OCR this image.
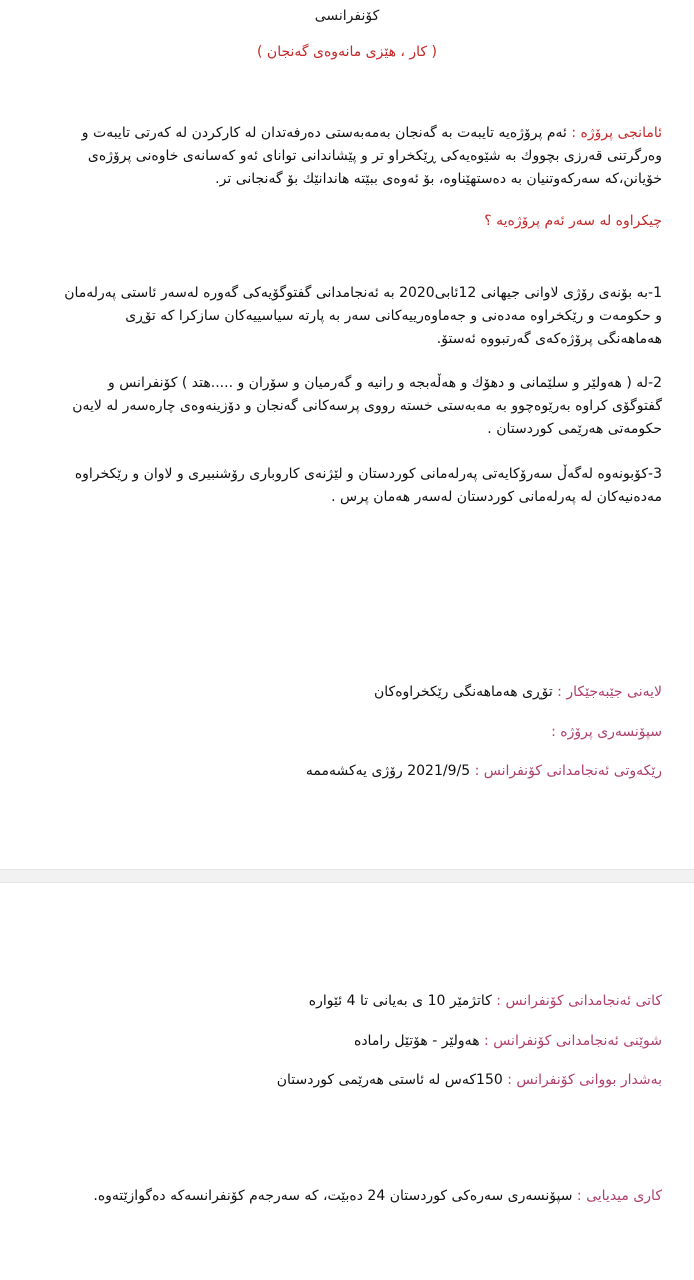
کۆنفرانسی
( کار ، هێزی مانەوەی گەنجان )
ئامانجی پرۆژە : ئەم پرۆژەیە تایبەت بە گەنجان بەمەبەستی دەرفەتدان لە کارکردن لە کەرتی تایبەت و وەرگرتنی قەرزی بچووك بە شێوەیەکی ڕێکخراو تر و پێشاندانی توانای ئەو کەسانەی خاوەنی پرۆژەی خۆیانن،کە سەرکەوتنیان بە دەستهێناوە، بۆ ئەوەی ببێتە هاندانێك بۆ گەنجانی تر.
چیکراوە لە سەر ئەم پرۆژەیە ؟
1-بە بۆنەی رۆژی لاوانی جیهانی 12ئابی2020 بە ئەنجامدانی گفتوگۆیەکی گەورە لەسەر ئاستی پەرلەمان و حکومەت و رێکخراوە مەدەنی و جەماوەرییەکانی سەر بە پارتە سیاسییەکان سازکرا کە تۆڕی هەماهەنگی پرۆژەکەی گەرتبووە ئەستۆ.
2-لە ( هەولێر و سلێمانی و دهۆك و هەڵەبجە و رانیە و گەرمیان و سۆران و .....هتد ) کۆنفرانس و گفتوگۆی کراوە بەرێوەچوو بە مەبەستی خستە رووی پرسەکانی گەنجان و دۆزینەوەی چارەسەر لە لایەن حکومەتی هەرێمی کوردستان .
3-کۆبونەوە لەگەڵ سەرۆکایەتی پەرلەمانی کوردستان و لێژنەی کاروباری رۆشنبیری و لاوان و رێکخراوە مەدەنیەکان لە پەرلەمانی کوردستان لەسەر هەمان پرس .
لایەنی جێبەجێکار : تۆڕی هەماهەنگی رێکخراوەکان
سپۆنسەری پرۆژە :
رێکەوتی ئەنجامدانی کۆنفرانس : 2021/9/5 رۆژی یەکشەممە
کاتی ئەنجامدانی کۆنفرانس : کاتژمێر 10 ی بەیانی تا 4 ئێوارە
شوێنی ئەنجامدانی کۆنفرانس : هەولێر - هۆتێل رامادە
بەشدار بووانی کۆنفرانس : 150کەس لە ئاستی هەرێمی کوردستان
کاری میدیایی : سپۆنسەری سەرەکی کوردستان 24 دەبێت، کە سەرجەم کۆنفرانسەکە دەگوازێتەوە.
